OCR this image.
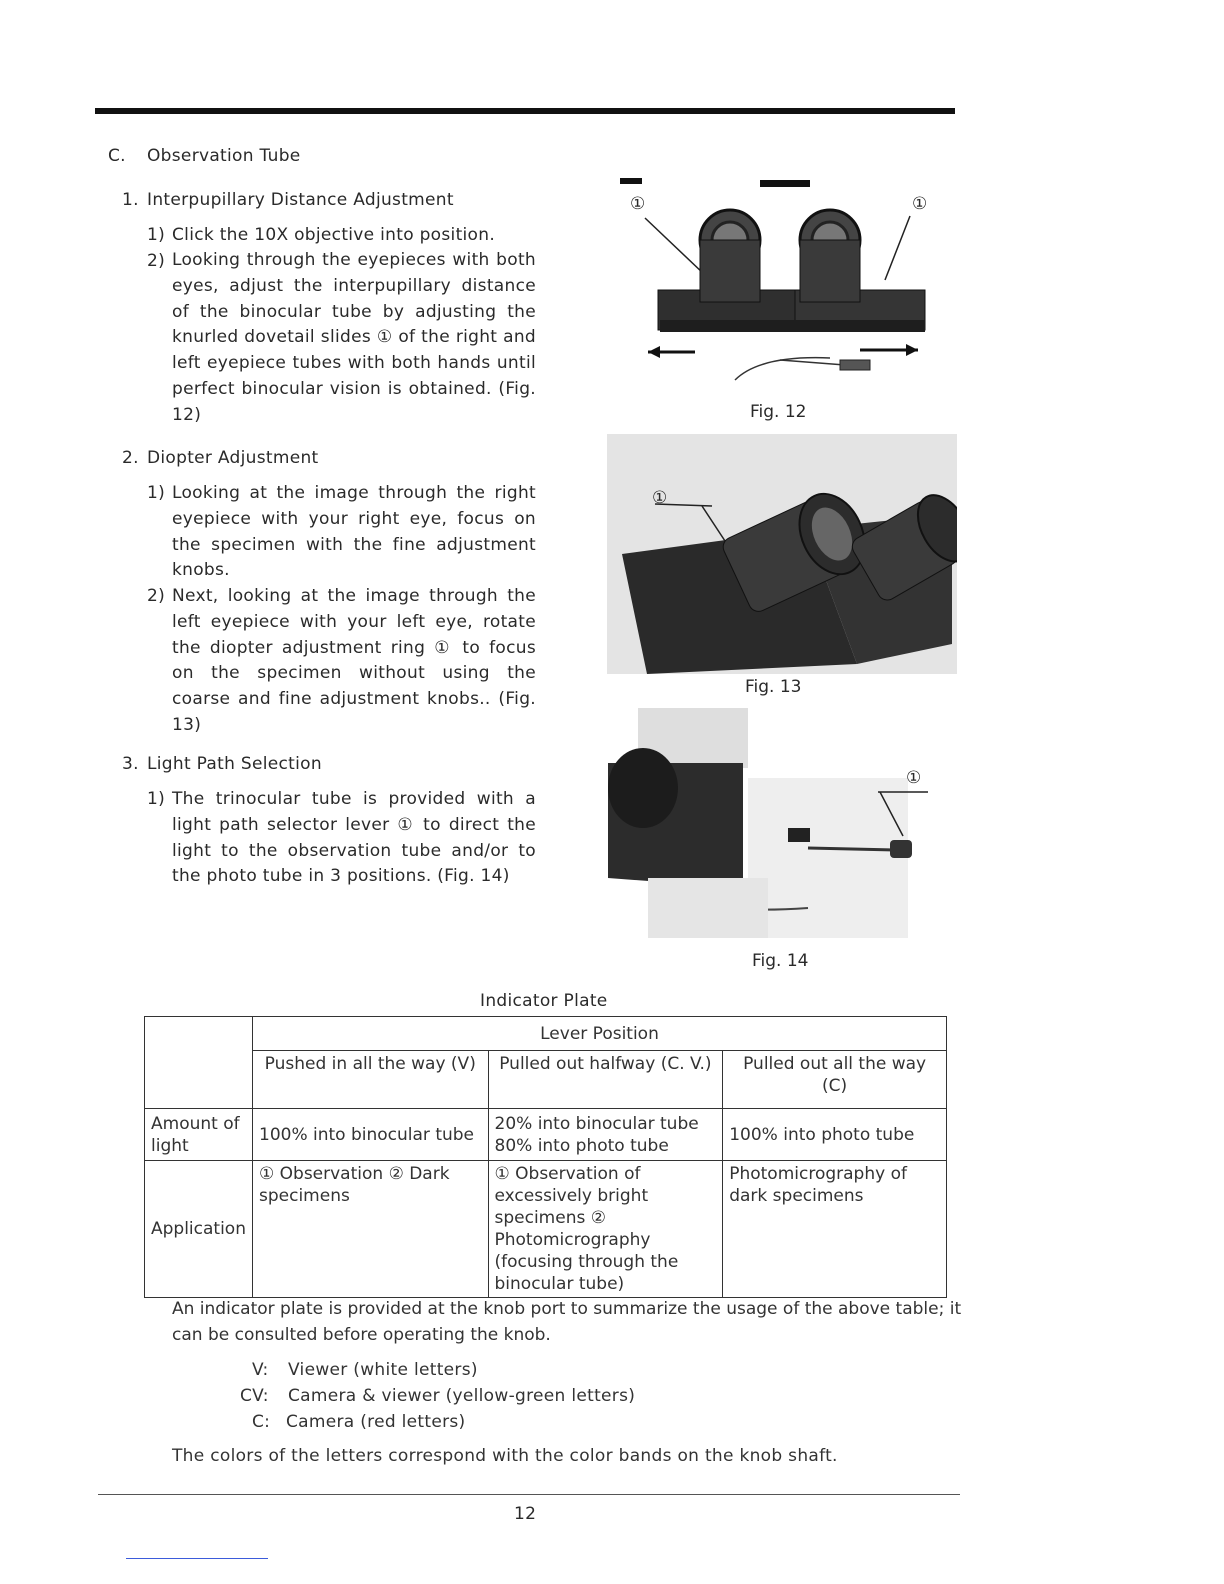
C. Observation Tube
1. Interpupillary Distance Adjustment
1) Click the 10X objective into position.
2) Looking through the eyepieces with both eyes, adjust the interpupillary distance of the binocular tube by adjusting the knurled dovetail slides ① of the right and left eyepiece tubes with both hands until perfect binocular vision is obtained. (Fig. 12)

2. Diopter Adjustment
1) Looking at the image through the right eyepiece with your right eye, focus on the specimen with the fine adjustment knobs.

2) Next, looking at the image through the left eyepiece with your left eye, rotate the diopter adjustment ring ① to focus on the specimen without using the coarse and fine adjustment knobs.. (Fig. 13)

3. Light Path Selection
1) The trinocular tube is provided with a light path selector lever ① to direct the light to the observation tube and/or to the photo tube in 3 positions. (Fig. 14)

①	①
Fig. 12
①
Fig. 13
①
Fig. 14
Indicator Plate
	Lever Position		
	Pushed in all the way (V)	Pulled out halfway (C. V.)	Pulled out all the way (C)
Amount of light	100% into binocular tube	20% into binocular tube 80% into photo tube	100% into photo tube
Application	① Observation ② Dark specimens	① Observation of excessively bright specimens ② Photomicrography (focusing through the binocular tube)	Photomicrography of dark specimens
An indicator plate is provided at the knob port to summarize the usage of the above table; it can be consulted before operating the knob.
V: Viewer (white letters)
CV: Camera & viewer (yellow-green letters)
C: Camera (red letters)
The colors of the letters correspond with the color bands on the knob shaft.
12
